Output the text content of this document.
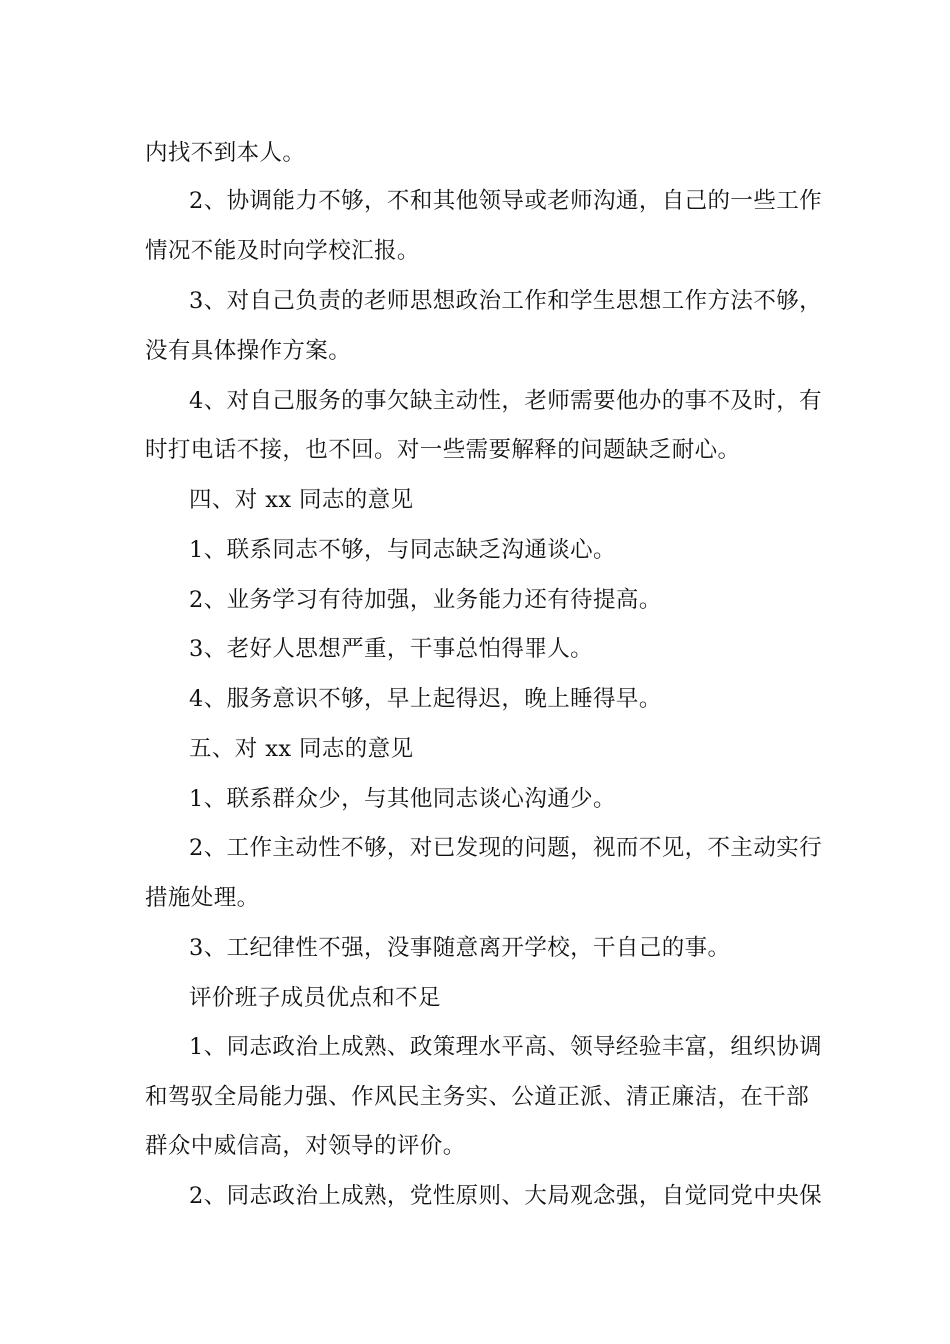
内找不到本人。
2、协调能力不够，不和其他领导或老师沟通，自己的一些工作
情况不能及时向学校汇报。
3、对自己负责的老师思想政治工作和学生思想工作方法不够，
没有具体操作方案。
4、对自己服务的事欠缺主动性，老师需要他办的事不及时，有
时打电话不接，也不回。对一些需要解释的问题缺乏耐心。
四、对 xx 同志的意见
1、联系同志不够，与同志缺乏沟通谈心。
2、业务学习有待加强，业务能力还有待提高。
3、老好人思想严重，干事总怕得罪人。
4、服务意识不够，早上起得迟，晚上睡得早。
五、对 xx 同志的意见
1、联系群众少，与其他同志谈心沟通少。
2、工作主动性不够，对已发现的问题，视而不见，不主动实行
措施处理。
3、工纪律性不强，没事随意离开学校，干自己的事。
评价班子成员优点和不足
1、同志政治上成熟、政策理水平高、领导经验丰富，组织协调
和驾驭全局能力强、作风民主务实、公道正派、清正廉洁，在干部
群众中威信高，对领导的评价。
2、同志政治上成熟，党性原则、大局观念强，自觉同党中央保
